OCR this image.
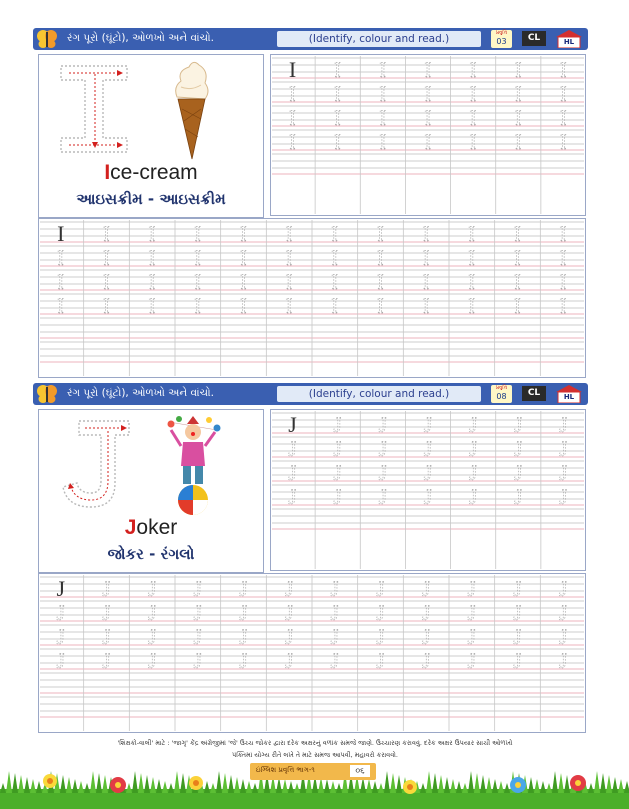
રંગ પૂરો (ઘૂંટો), ઓળખો અને વાંચો.	(Identify, colour and read.)	પ્રવૃત્તિ
03	CL	HL
Ice-cream
આઇસક્રીમ - આઇસક્રીમ
I I I I I I I
I I I I I I I
I I I I I I I
I I I I I I I
I I I I I I I I I I I I
I I I I I I I I I I I I
I I I I I I I I I I I I
I I I I I I I I I I I I
રંગ પૂરો (ઘૂંટો), ઓળખો અને વાંચો.	(Identify, colour and read.)	પ્રવૃત્તિ
08	CL	HL
Joker
જોકર - રંગલો
J J J J J J J
J J J J J J J
J J J J J J J
J J J J J J J
J J J J J J J J J J J J
J J J J J J J J J J J J
J J J J J J J J J J J J
J J J J J J J J J J J J
'શિક્ષકો-વાલી' માટે : 'જાગૃ' કેંદ્ર અંગ્રેજીમાં 'જે' ઉચ્ચ જોકર દ્વારા દરેક અક્ષરનું વળાંક સમજે જાણે. ઉચ્ચારણ કરાવવું. દરેક અક્ષર ઉપયાર સાચી ઓળખો
પંક્તિમાં યોગ્ય રીતે લખે તે માટે સમજ આપવી, મહાવરો કરાવવો.
ઇંગ્લિશ પ્રવૃત્તિ ભાગ-૧	૦૬
